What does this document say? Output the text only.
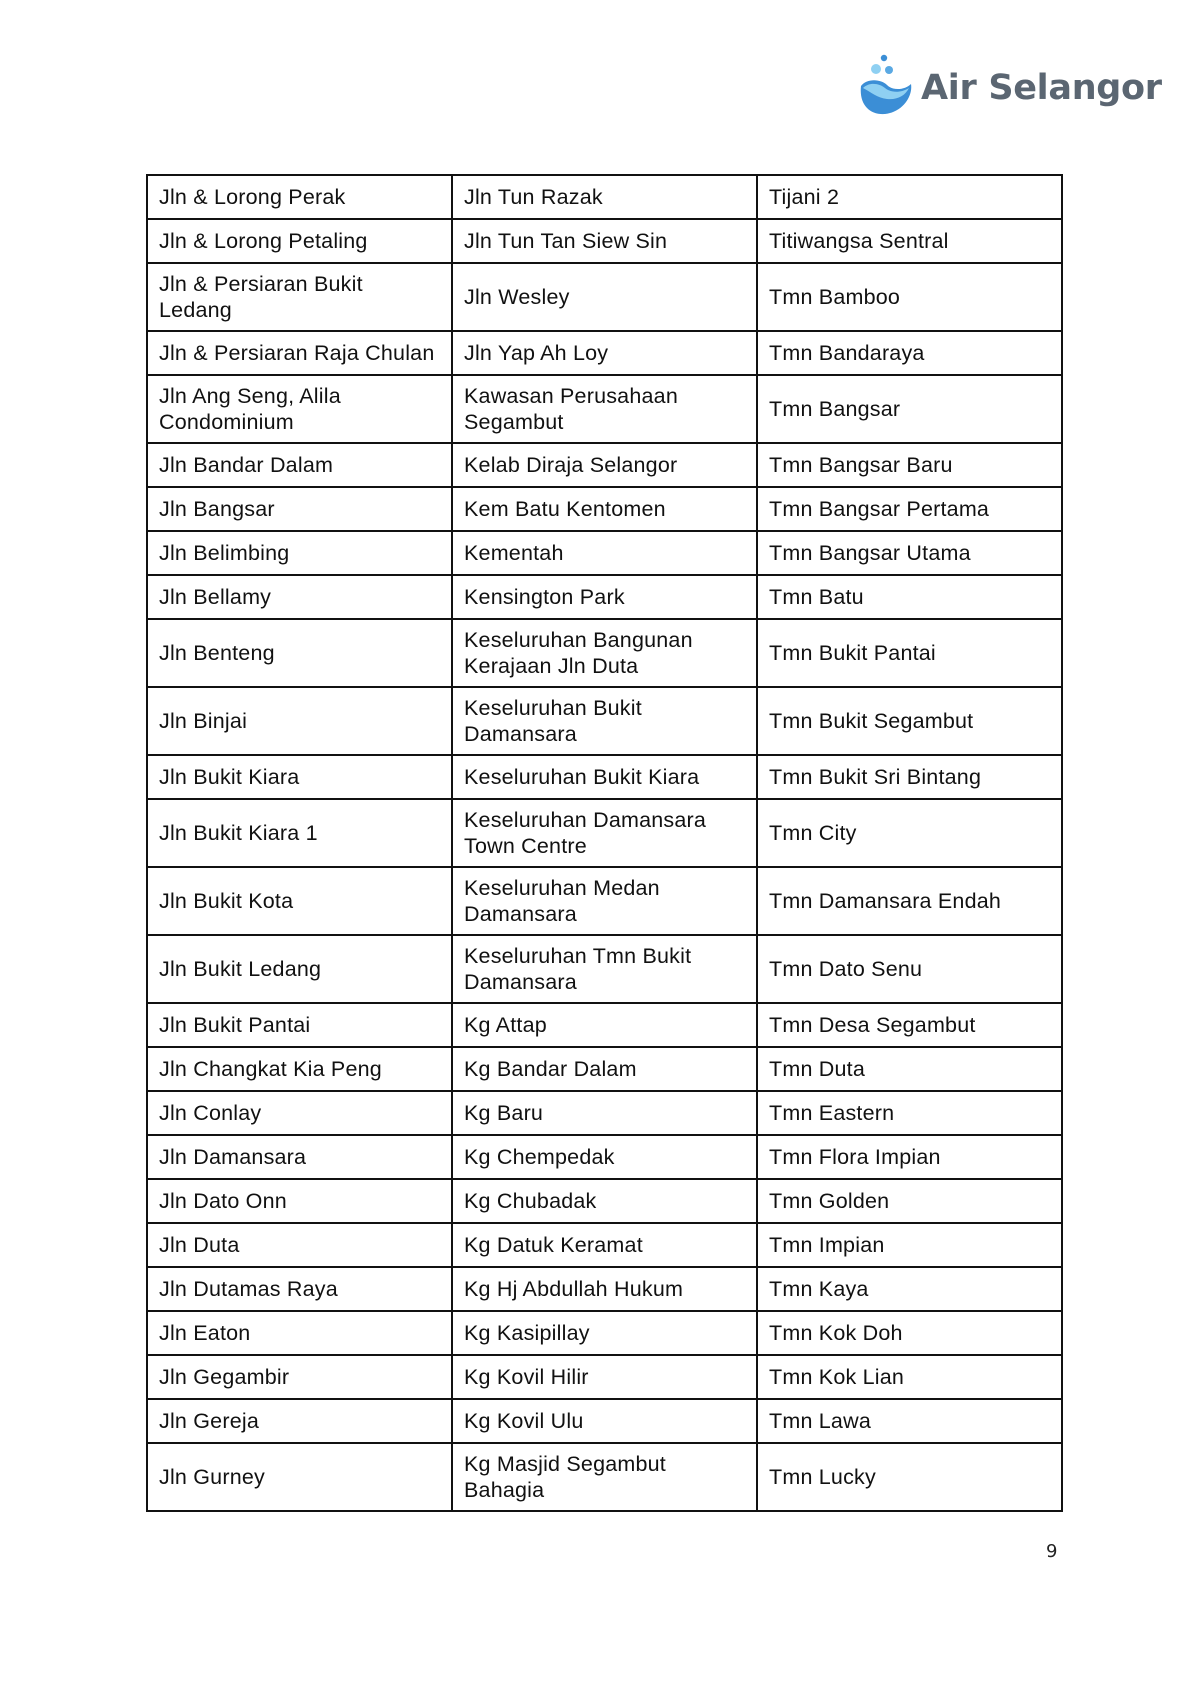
Air Selangor
Jln & Lorong Perak	Jln Tun Razak	Tijani 2
Jln & Lorong Petaling	Jln Tun Tan Siew Sin	Titiwangsa Sentral
Jln & Persiaran Bukit Ledang	Jln Wesley	Tmn Bamboo
Jln & Persiaran Raja Chulan	Jln Yap Ah Loy	Tmn Bandaraya
Jln Ang Seng, Alila Condominium	Kawasan Perusahaan Segambut	Tmn Bangsar
Jln Bandar Dalam	Kelab Diraja Selangor	Tmn Bangsar Baru
Jln Bangsar	Kem Batu Kentomen	Tmn Bangsar Pertama
Jln Belimbing	Kementah	Tmn Bangsar Utama
Jln Bellamy	Kensington Park	Tmn Batu
Jln Benteng	Keseluruhan Bangunan Kerajaan Jln Duta	Tmn Bukit Pantai
Jln Binjai	Keseluruhan Bukit Damansara	Tmn Bukit Segambut
Jln Bukit Kiara	Keseluruhan Bukit Kiara	Tmn Bukit Sri Bintang
Jln Bukit Kiara 1	Keseluruhan Damansara Town Centre	Tmn City
Jln Bukit Kota	Keseluruhan Medan Damansara	Tmn Damansara Endah
Jln Bukit Ledang	Keseluruhan Tmn Bukit Damansara	Tmn Dato Senu
Jln Bukit Pantai	Kg Attap	Tmn Desa Segambut
Jln Changkat Kia Peng	Kg Bandar Dalam	Tmn Duta
Jln Conlay	Kg Baru	Tmn Eastern
Jln Damansara	Kg Chempedak	Tmn Flora Impian
Jln Dato Onn	Kg Chubadak	Tmn Golden
Jln Duta	Kg Datuk Keramat	Tmn Impian
Jln Dutamas Raya	Kg Hj Abdullah Hukum	Tmn Kaya
Jln Eaton	Kg Kasipillay	Tmn Kok Doh
Jln Gegambir	Kg Kovil Hilir	Tmn Kok Lian
Jln Gereja	Kg Kovil Ulu	Tmn Lawa
Jln Gurney	Kg Masjid Segambut Bahagia	Tmn Lucky
9
